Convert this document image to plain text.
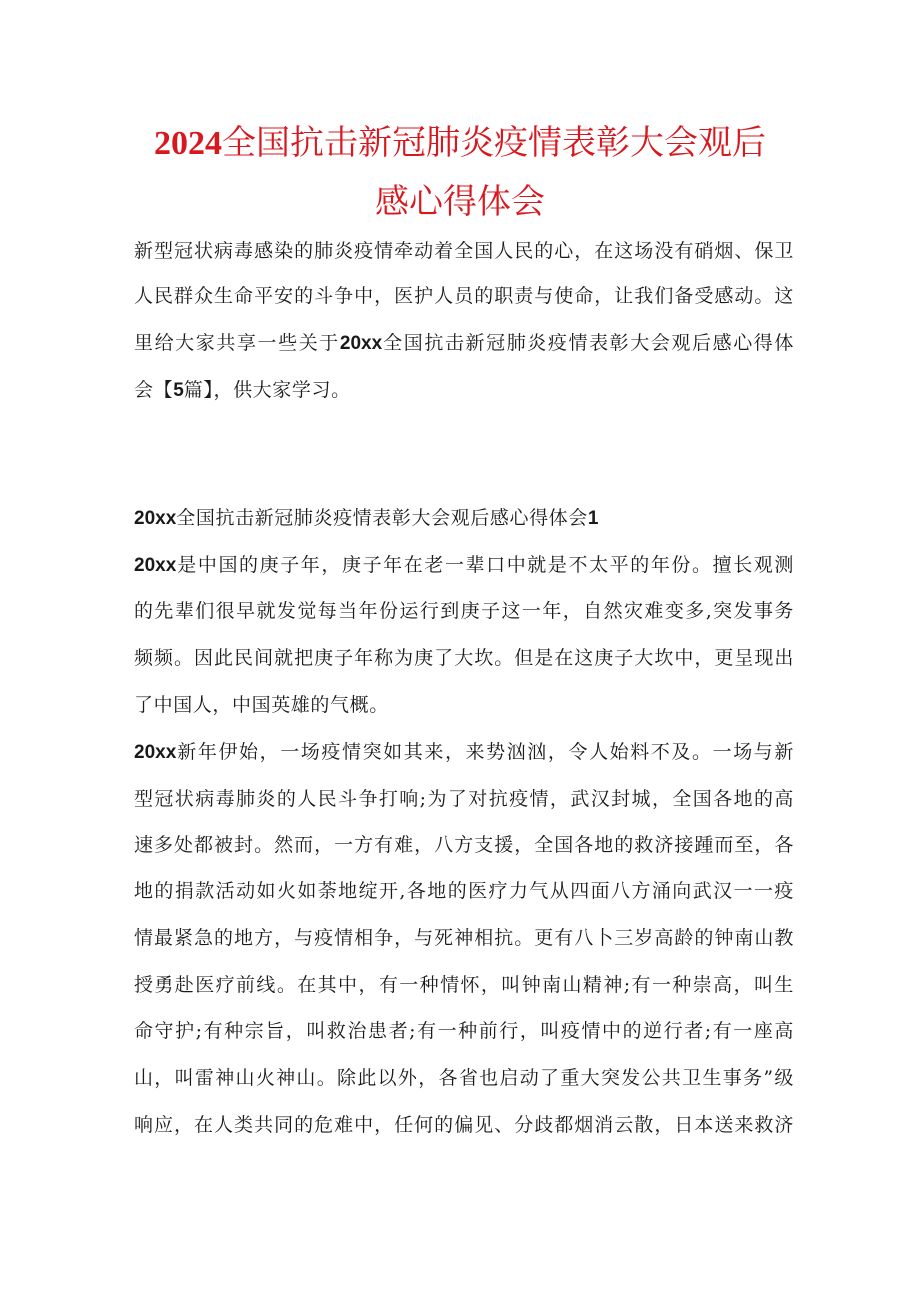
2024全国抗击新冠肺炎疫情表彰大会观后
感心得体会
新型冠状病毒感染的肺炎疫情牵动着全国人民的心，在这场没有硝烟、保卫
人民群众生命平安的斗争中，医护人员的职责与使命，让我们备受感动。这
里给大家共享一些关于20xx全国抗击新冠肺炎疫情表彰大会观后感心得体
会【5篇】，供大家学习。
20xx全国抗击新冠肺炎疫情表彰大会观后感心得体会1
20xx是中国的庚子年，庚子年在老一辈口中就是不太平的年份。擅长观测
的先辈们很早就发觉每当年份运行到庚子这一年，自然灾难变多,突发事务
频频。因此民间就把庚子年称为庚了大坎。但是在这庚子大坎中，更呈现出
了中国人，中国英雄的气概。
20xx新年伊始，一场疫情突如其来，来势汹汹，令人始料不及。一场与新
型冠状病毒肺炎的人民斗争打响;为了对抗疫情，武汉封城，全国各地的高
速多处都被封。然而，一方有难，八方支援，全国各地的救济接踵而至，各
地的捐款活动如火如荼地绽开,各地的医疗力气从四面八方涌向武汉一一疫
情最紧急的地方，与疫情相争，与死神相抗。更有八卜三岁高龄的钟南山教
授勇赴医疗前线。在其中，有一种情怀，叫钟南山精神;有一种崇高，叫生
命守护;有种宗旨，叫救治患者;有一种前行，叫疫情中的逆行者;有一座高
山，叫雷神山火神山。除此以外，各省也启动了重大突发公共卫生事务”级
响应，在人类共同的危难中，任何的偏见、分歧都烟消云散，日本送来救济
